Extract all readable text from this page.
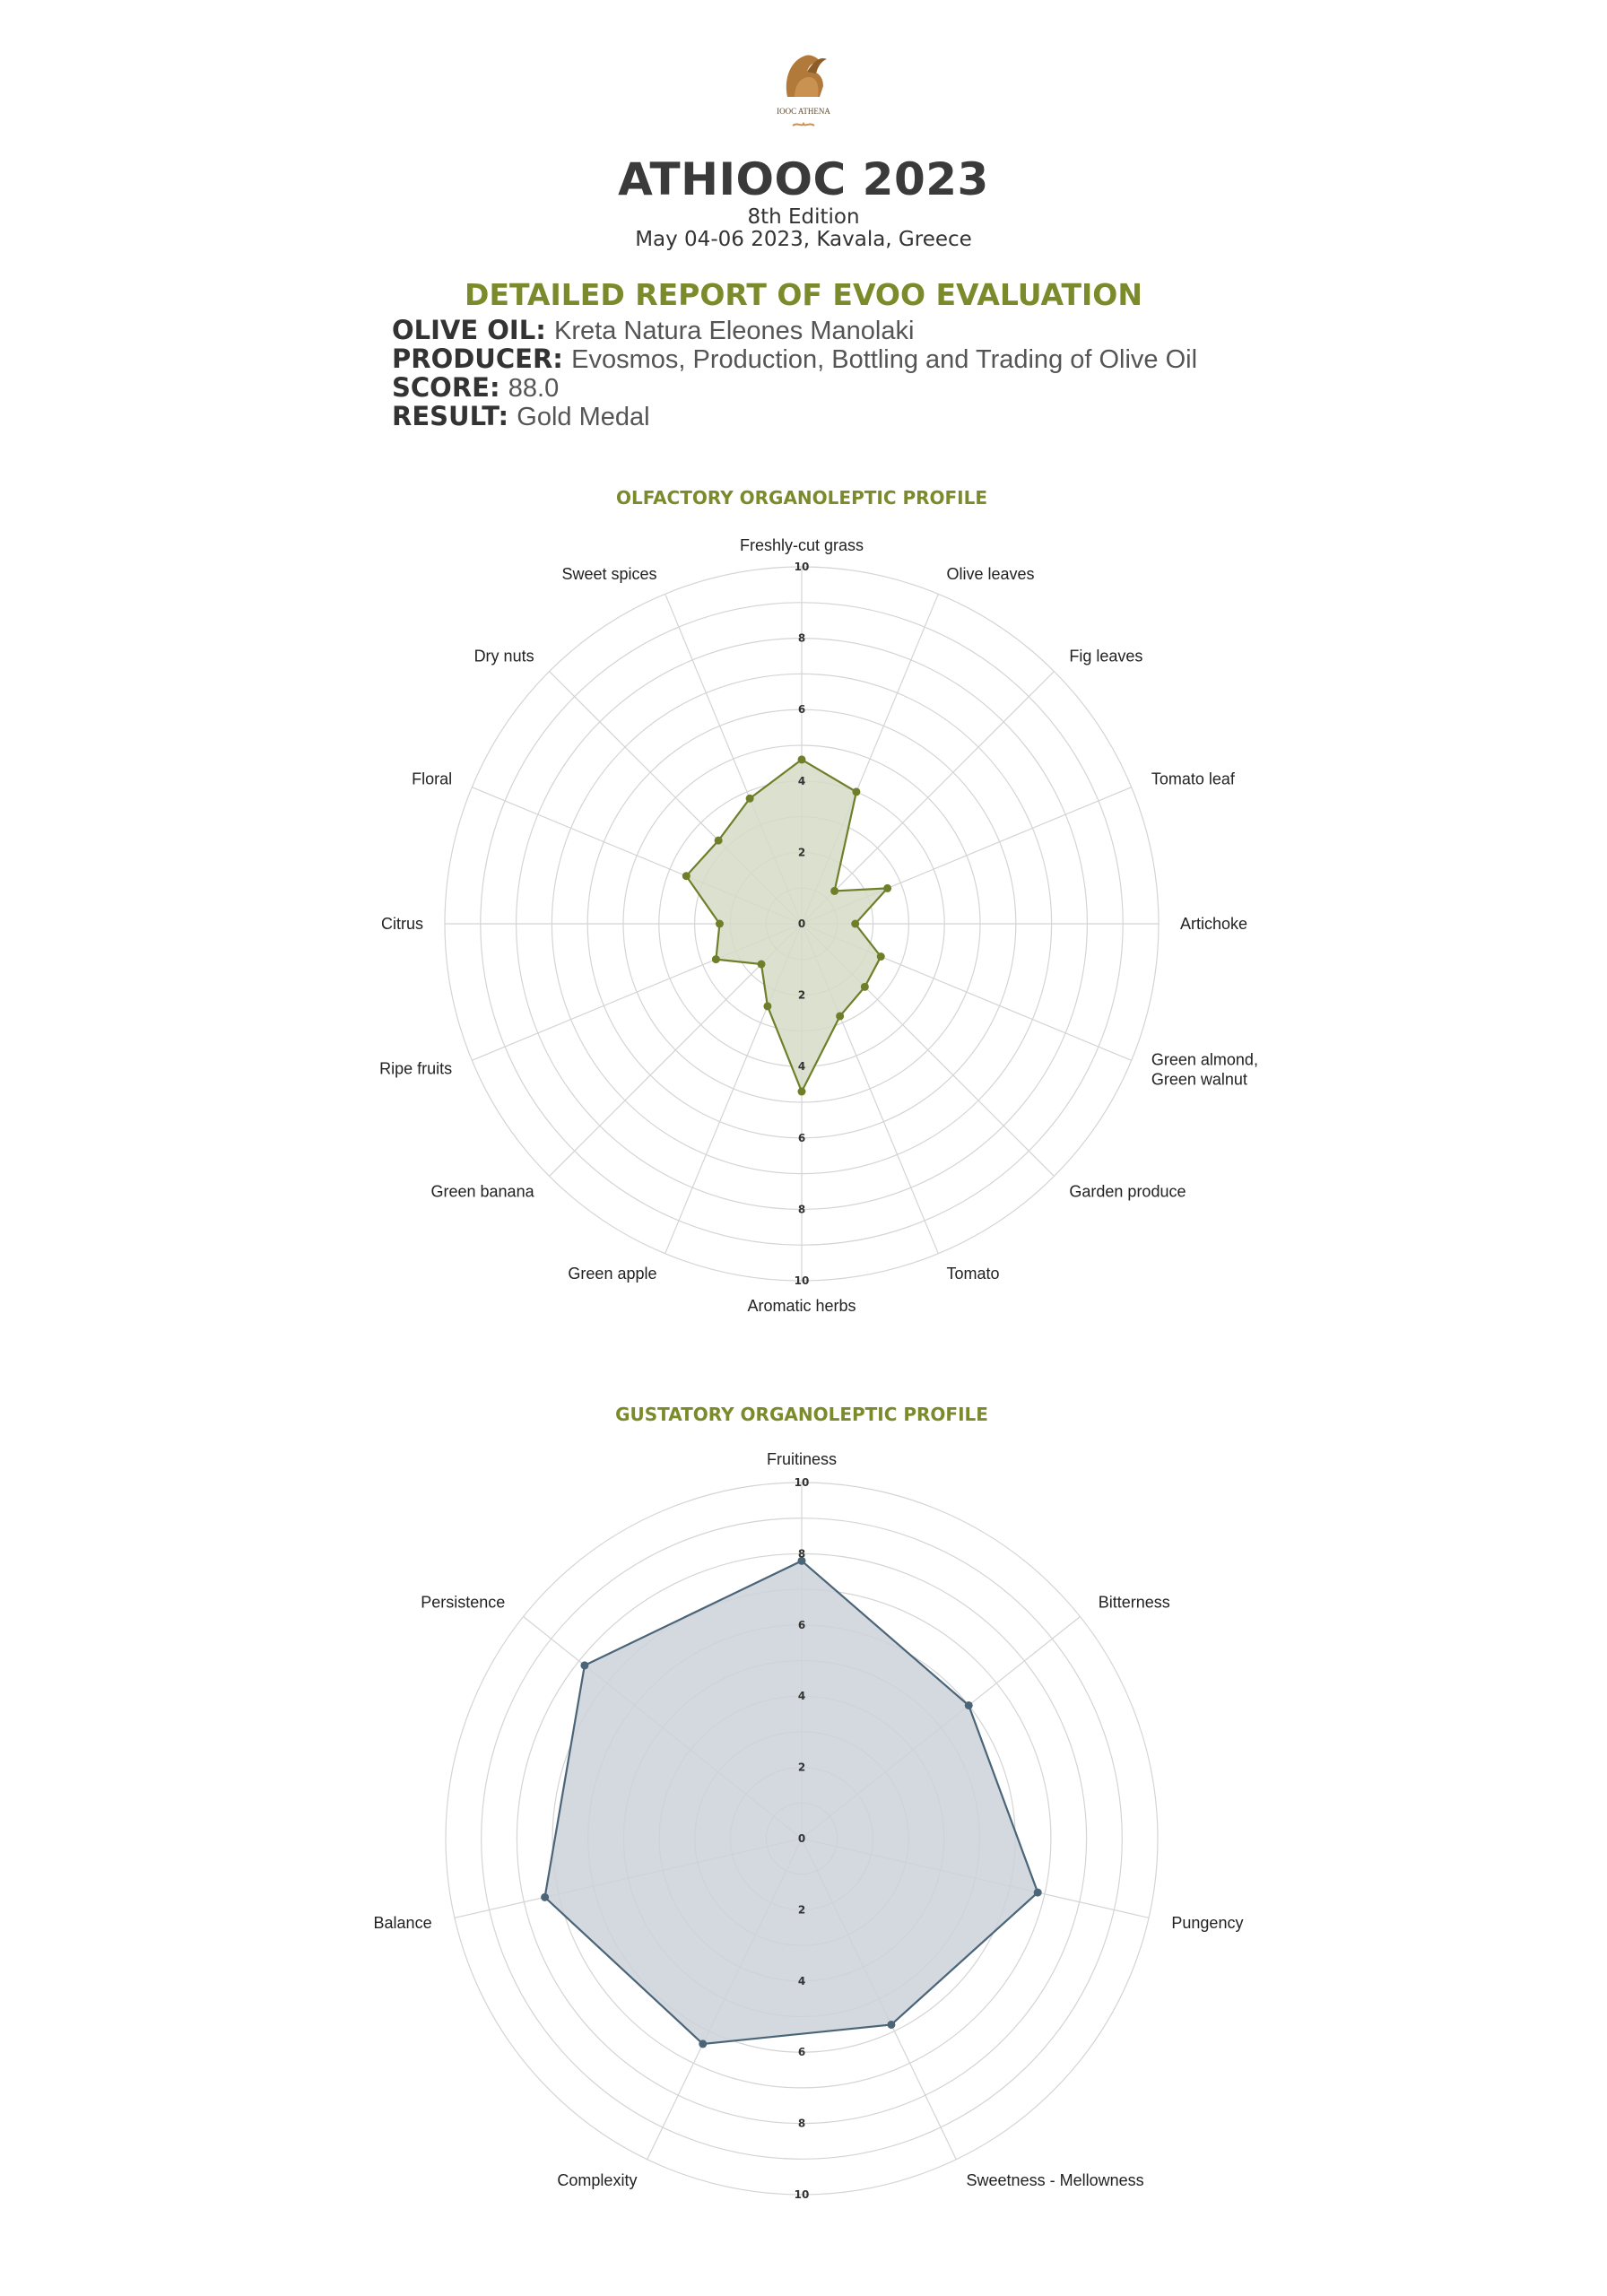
IOOC ATHENA
ATHIOOC 2023
8th Edition
May 04-06 2023, Kavala, Greece
DETAILED REPORT OF EVOO EVALUATION
OLIVE OIL: Kreta Natura Eleones Manolaki
PRODUCER: Evosmos, Production, Bottling and Trading of Olive Oil
SCORE: 88.0
RESULT: Gold Medal
OLFACTORY ORGANOLEPTIC PROFILE
0
2
2
4
4
6
6
8
8
10
10
Freshly-cut grass
Olive leaves
Fig leaves
Tomato leaf
Artichoke
Green almond, Green walnut
Garden produce
Tomato
Aromatic herbs
Green apple
Green banana
Ripe fruits
Citrus
Floral
Dry nuts
Sweet spices
GUSTATORY ORGANOLEPTIC PROFILE
0
2
2
4
4
6
6
8
8
10
10
Fruitiness
Bitterness
Pungency
Sweetness - Mellowness
Complexity
Balance
Persistence
